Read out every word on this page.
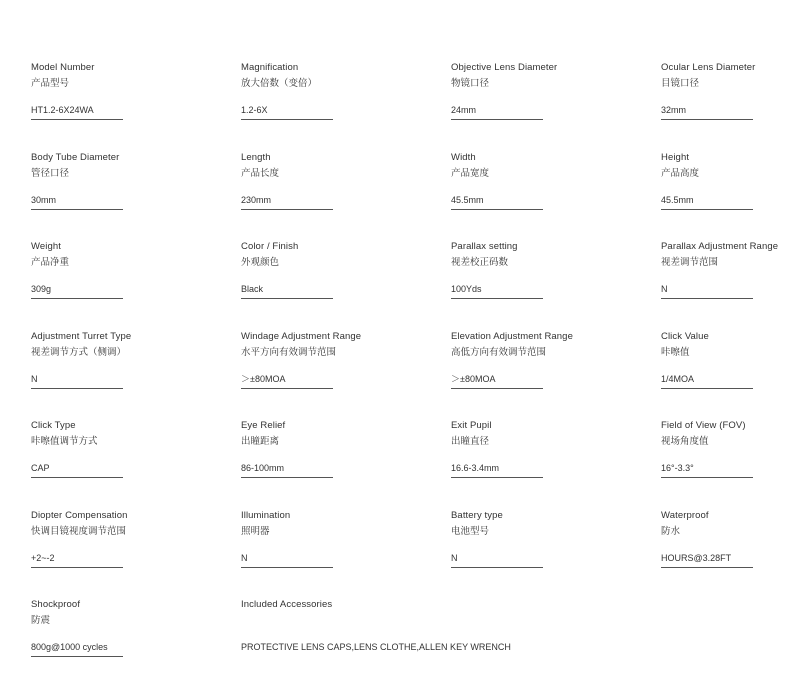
Model Number
产品型号
HT1.2-6X24WA
Magnification
放大倍数（变倍）
1.2-6X
Objective Lens Diameter
物镜口径
24mm
Ocular Lens Diameter
目镜口径
32mm
Body Tube Diameter
管径口径
30mm
Length
产品长度
230mm
Width
产品宽度
45.5mm
Height
产品高度
45.5mm
Weight
产品净重
309g
Color / Finish
外观颜色
Black
Parallax setting
视差校正码数
100Yds
Parallax Adjustment Range
视差调节范围
N
Adjustment Turret Type
视差调节方式（侧调）
N
Windage Adjustment Range
水平方向有效调节范围
＞±80MOA
Elevation Adjustment Range
高低方向有效调节范围
＞±80MOA
Click Value
咔嚓值
1/4MOA
Click Type
咔嚓值调节方式
CAP
Eye Relief
出瞳距离
86-100mm
Exit Pupil
出瞳直径
16.6-3.4mm
Field of View (FOV)
视场角度值
16°-3.3°
Diopter Compensation
快调目镜视度调节范围
+2~-2
Illumination
照明器
N
Battery type
电池型号
N
Waterproof
防水
HOURS@3.28FT
Shockproof
防震
800g@1000 cycles
Included Accessories

PROTECTIVE LENS CAPS,LENS CLOTHE,ALLEN KEY WRENCH
